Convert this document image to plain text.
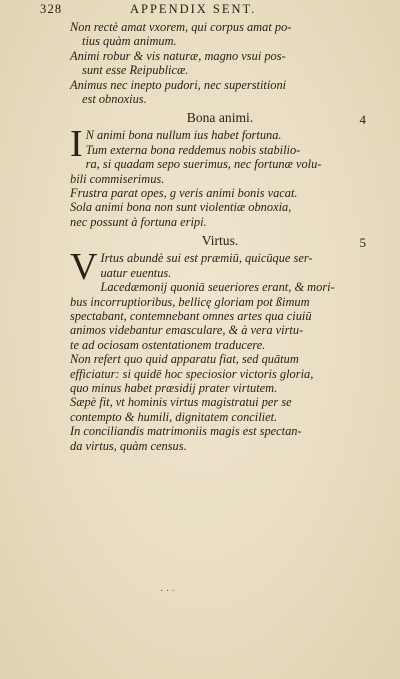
328	APPENDIX SENT.
Non rectè amat vxorem, qui corpus amat po-
tius quàm animum.
Animi robur & vis naturæ, magno vsui pos-
sunt esse Reipublicæ.
Animus nec inepto pudori, nec superstitioni
est obnoxius.
Bona animi.	4
I N animi bona nullum ius habet fortuna.
Tum externa bona reddemus nobis stabilio-
ra, si quadam sepo suerimus, nec fortunæ volu-
bili commiserimus.
Frustra parat opes, g veris animi bonis vacat.
Sola animi bona non sunt violentiæ obnoxia,
nec possunt à fortuna eripi.
Virtus.	5
V Irtus abundè sui est præmiū, quicūque ser-
uatur euentus.
Lacedæmonij quoniā seueriores erant, & mori-
bus incorruptioribus, bellicę gloriam pot ßimum
spectabant, contemnebant omnes artes qua ciuiū
animos videbantur emasculare, & à vera virtu-
te ad ociosam ostentationem traducere.
Non refert quo quid apparatu fiat, sed quātum
efficiatur: si quidē hoc speciosior victoris gloria,
quo minus habet præsidij prater virtutem.
Sæpè fit, vt hominis virtus magistratui per se
contempto & humili, dignitatem conciliet.
In conciliandis matrimoniis magis est spectan-
da virtus, quàm census.
· · ·
